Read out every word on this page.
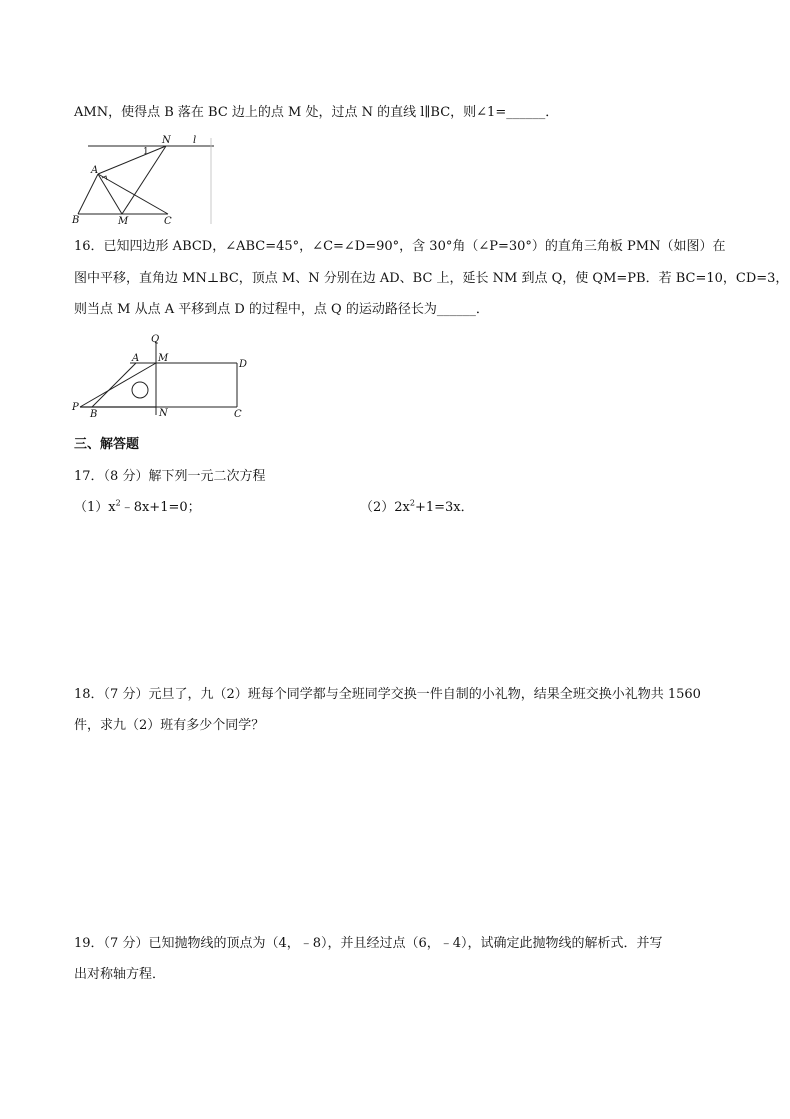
AMN，使得点 B 落在 BC 边上的点 M 处，过点 N 的直线 l∥BC，则∠1=______．
N l
1
A
B	M	C
16．已知四边形 ABCD，∠ABC=45°，∠C=∠D=90°，含 30°角（∠P=30°）的直角三角板 PMN（如图）在
图中平移，直角边 MN⊥BC，顶点 M、N 分别在边 AD、BC 上，延长 NM 到点 Q，使 QM=PB．若 BC=10，CD=3，
则当点 M 从点 A 平移到点 D 的过程中，点 Q 的运动路径长为______．
Q
A M
D
P
B	N	C
三、解答题
17．（8 分）解下列一元二次方程
$(1)x^2﹣8x+1=0$；	$(2)2x^2+1=3x$．
18．（7 分）元旦了，九（2）班每个同学都与全班同学交换一件自制的小礼物，结果全班交换小礼物共 1560
件，求九（2）班有多少个同学？
19．（7 分）已知抛物线的顶点为（4，﹣8），并且经过点（6，﹣4），试确定此抛物线的解析式．并写
出对称轴方程．
